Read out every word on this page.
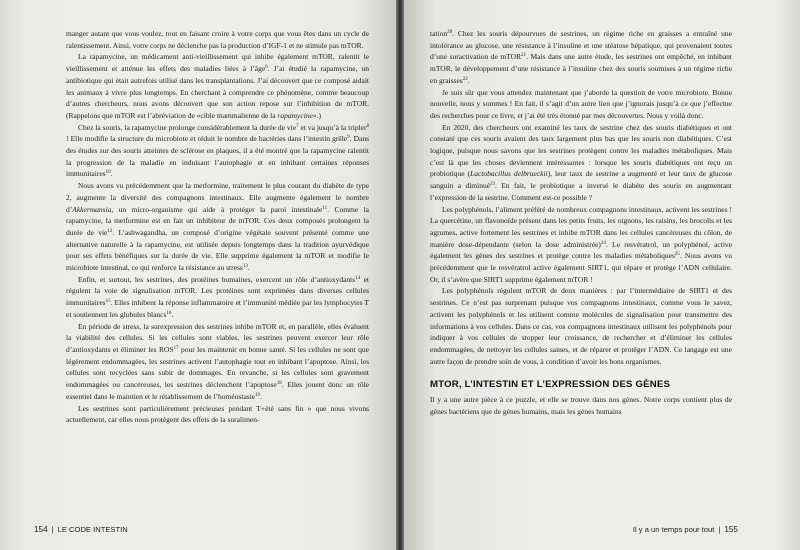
manger autant que vous voulez, tout en faisant croire à votre corps que vous êtes dans un cycle de ralentissement. Ainsi, votre corps ne déclenche pas la production d’IGF-1 et ne stimule pas mTOR.

La rapamycine, un médicament anti-vieillissement qui inhibe également mTOR, ralentit le vieillissement et atténue les effets des maladies liées à l’âge$^6$. J’ai étudié la rapamycine, un antibiotique qui était autrefois utilisé dans les transplantations. J’ai découvert que ce composé aidait les animaux à vivre plus longtemps. En cherchant à comprendre ce phénomène, comme beaucoup d’autres chercheurs, nous avons découvert que son action repose sur l’inhibition de mTOR. (Rappelons que mTOR est l’abréviation de «cible mammalienne de la rapamycine».)

Chez la souris, la rapamycine prolonge considérablement la durée de vie$^7$ et va jusqu’à la tripler$^8$ ! Elle modifie la structure du microbiote et réduit le nombre de bactéries dans l’intestin grêle$^9$. Dans des études sur des souris atteintes de sclérose en plaques, il a été montré que la rapamycine ralentit la progression de la maladie en induisant l’autophagie et en inhibant certaines réponses immunitaires$^{10}$.

Nous avons vu précédemment que la metformine, traitement le plus courant du diabète de type 2, augmente la diversité des compagnons intestinaux. Elle augmente également le nombre d’Akkermansia, un micro-organisme qui aide à protéger la paroi intestinale$^{11}$. Comme la rapamycine, la metformine est en fait un inhibiteur de mTOR. Ces deux composés prolongent la durée de vie$^{12}$. L’ashwagandha, un composé d’origine végétale souvent présenté comme une alternative naturelle à la rapamycine, est utilisée depuis longtemps dans la tradition ayurvédique pour ses effets bénéfiques sur la durée de vie. Elle supprime également la mTOR et modifie le microbiote intestinal, ce qui renforce la résistance au stress$^{13}$.

Enfin, et surtout, les sestrines, des protéines humaines, exercent un rôle d’antioxydants$^{14}$ et régulent la voie de signalisation mTOR. Les protéines sont exprimées dans diverses cellules immunitaires$^{15}$. Elles inhibent la réponse inflammatoire et l’immunité médiée par les lymphocytes T et soutiennent les globules blancs$^{16}$.

En période de stress, la surexpression des sestrines inhibe mTOR et, en parallèle, elles évaluent la viabilité des cellules. Si les cellules sont viables, les sestrines peuvent exercer leur rôle d’antioxydants et éliminer les ROS$^{17}$ pour les maintenir en bonne santé. Si les cellules ne sont que légèrement endommagées, les sestrines activent l’autophagie tout en inhibant l’apoptose. Ainsi, les cellules sont recyclées sans subir de dommages. En revanche, si les cellules sont gravement endommagées ou cancéreuses, les sestrines déclenchent l’apoptose$^{18}$. Elles jouent donc un rôle essentiel dans le maintien et le rétablissement de l’homéostasie$^{19}$.

Les sestrines sont particulièrement précieuses pendant T+été sans fin » que nous vivons actuellement, car elles nous protègent des effets de la suralimen-

154 | LE CODE INTESTIN

tation$^{20}$. Chez les souris dépourvues de sestrines, un régime riche en graisses a entraîné une intolérance au glucose, une résistance à l’insuline et une stéatose hépatique, qui provenaient toutes d’une suractivation de mTOR$^{21}$. Mais dans une autre étude, les sestrines ont empêché, en inhibant mTOR, le développement d’une résistance à l’insuline chez des souris soumises à un régime riche en graisses$^{22}$.

Je suis sûr que vous attendez maintenant que j’aborde la question de votre microbiote. Bonne nouvelle, nous y sommes ! En fait, il s’agit d’un autre lien que j’ignorais jusqu’à ce que j’effectue des recherches pour ce livre, et j’ai été très étonné par mes découvertes. Nous y voilà donc.

En 2020, des chercheurs ont examiné les taux de sestrine chez des souris diabétiques et ont constaté que ces souris avaient des taux largement plus bas que les souris non diabétiques. C’est logique, puisque nous savons que les sestrines protègent contre les maladies métaboliques. Mais c’est là que les choses deviennent intéressantes : lorsque les souris diabétiques ont reçu un probiotique (Lactobacillus delbrueckii), leur taux de sestrine a augmenté et leur taux de glucose sanguin a diminué$^{23}$. En fait, le probiotique a inversé le diabète des souris en augmentant l’expression de la sestrine. Comment est-ce possible ?

Les polyphénols, l’aliment préféré de nombreux compagnons intestinaux, activent les sestrines ! La quercétine, un flavonoïde présent dans les petits fruits, les oignons, les raisins, les brocolis et les agrumes, active fortement les sestrines et inhibe mTOR dans les cellules cancéreuses du côlon, de manière dose-dépendante (selon la dose administrée)$^{24}$. Le resvératrol, un polyphénol, active également les gènes des sestrines et protège contre les maladies métaboliques$^{25}$. Nous avons vu précédemment que le resvératrol active également SIRT1, qui répare et protège l’ADN cellulaire. Or, il s’avère que SIRT1 supprime également mTOR !

Les polyphénols régulent mTOR de deux manières : par l’intermédiaire de SIRT1 et des sestrines. Ce n’est pas surprenant puisque vos compagnons intestinaux, comme vous le savez, activent les polyphénols et les utilisent comme molécules de signalisation pour transmettre des informations à vos cellules. Dans ce cas, vos compagnons intestinaux utilisent les polyphénols pour indiquer à vos cellules de stopper leur croissance, de rechercher et d’éliminer les cellules endommagées, de nettoyer les cellules saines, et de réparer et protéger l’ADN. Ce langage est une autre façon de prendre soin de vous, à condition d’avoir les bons organismes.

MTOR, L’INTESTIN ET L’EXPRESSION DES GÈNES

Il y a une autre pièce à ce puzzle, et elle se trouve dans nos gènes. Notre corps contient plus de gènes bactériens que de gènes humains, mais les gènes humains

Il y a un temps pour tout | 155
